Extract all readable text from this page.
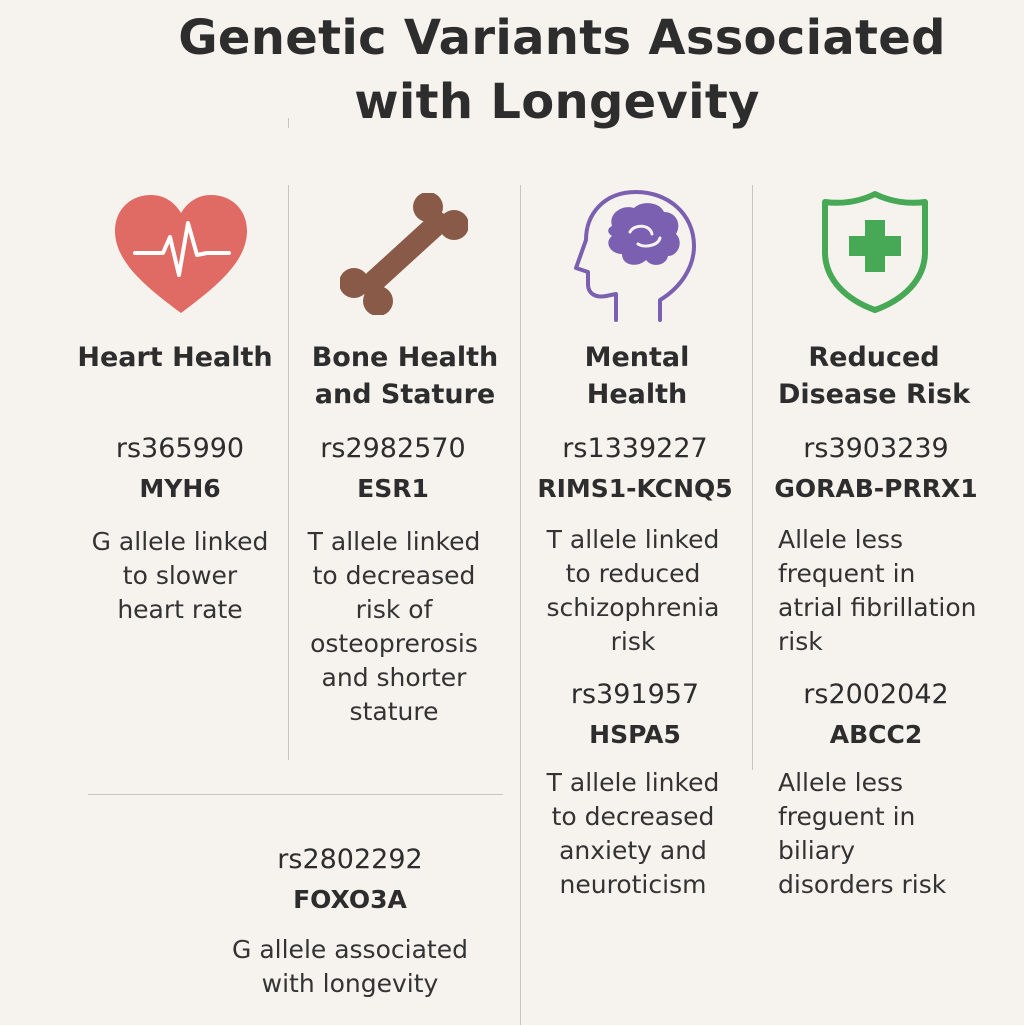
Genetic Variants Associated
with Longevity
Heart Health	Bone Health
and Stature
Mental
Health
Reduced
Disease Risk
rs365990
MYH6
G allele linked
to slower
heart rate
rs2982570
ESR1
T allele linked
to decreased
risk of
osteoprerosis
and shorter
stature
rs1339227
RIMS1-KCNQ5
T allele linked
to reduced
schizophrenia
risk
rs391957
HSPA5
T allele linked
to decreased
anxiety and
neuroticism
rs3903239
GORAB-PRRX1
Allele less
frequent in
atrial fibrillation
risk
rs2002042
ABCC2
Allele less
freguent in
biliary
disorders risk
rs2802292
FOXO3A
G allele associated
with longevity
